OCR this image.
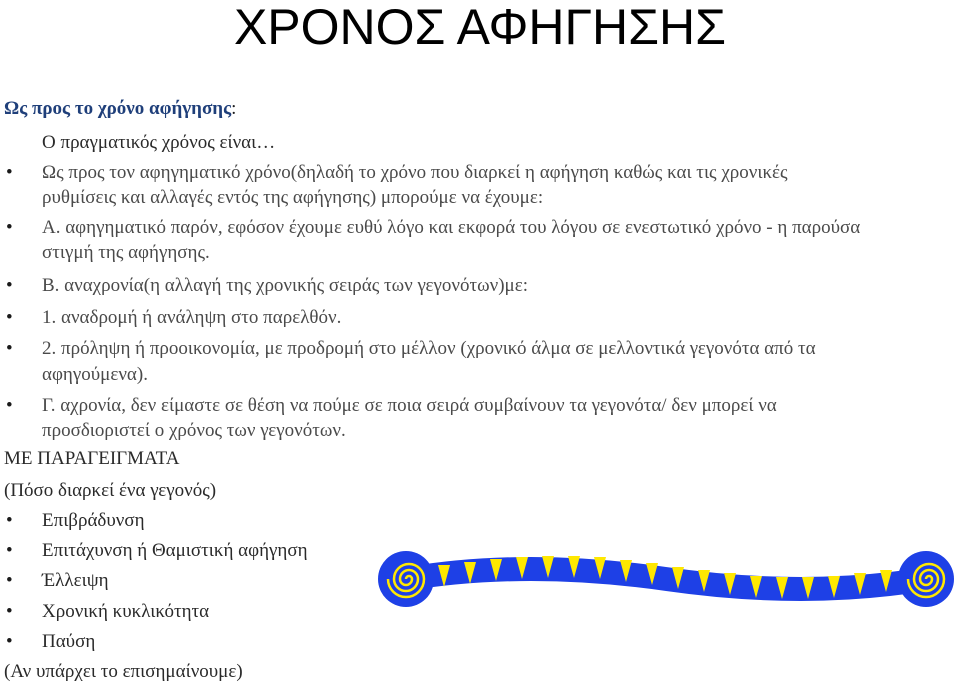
ΧΡΟΝΟΣ ΑΦΗΓΗΣΗΣ
Ως προς το χρόνο αφήγησης:
Ο πραγματικός χρόνος είναι…
• Ως προς τον αφηγηματικό χρόνο(δηλαδή το χρόνο που διαρκεί η αφήγηση καθώς και τις χρονικές
ρυθμίσεις και αλλαγές εντός της αφήγησης) μπορούμε να έχουμε:
• Α. αφηγηματικό παρόν, εφόσον έχουμε ευθύ λόγο και εκφορά του λόγου σε ενεστωτικό χρόνο - η παρούσα
στιγμή της αφήγησης.
• Β. αναχρονία(η αλλαγή της χρονικής σειράς των γεγονότων)με:
• 1. αναδρομή ή ανάληψη στο παρελθόν.
• 2. πρόληψη ή προοικονομία, με προδρομή στο μέλλον (χρονικό άλμα σε μελλοντικά γεγονότα από τα
αφηγούμενα).
• Γ. αχρονία, δεν είμαστε σε θέση να πούμε σε ποια σειρά συμβαίνουν τα γεγονότα/ δεν μπορεί να
προσδιοριστεί ο χρόνος των γεγονότων.
ΜΕ ΠΑΡΑΓΕΙΓΜΑΤΑ
(Πόσο διαρκεί ένα γεγονός)
• Επιβράδυνση
• Επιτάχυνση ή Θαμιστική αφήγηση
• Έλλειψη
• Χρονική κυκλικότητα
• Παύση
(Αν υπάρχει το επισημαίνουμε)
